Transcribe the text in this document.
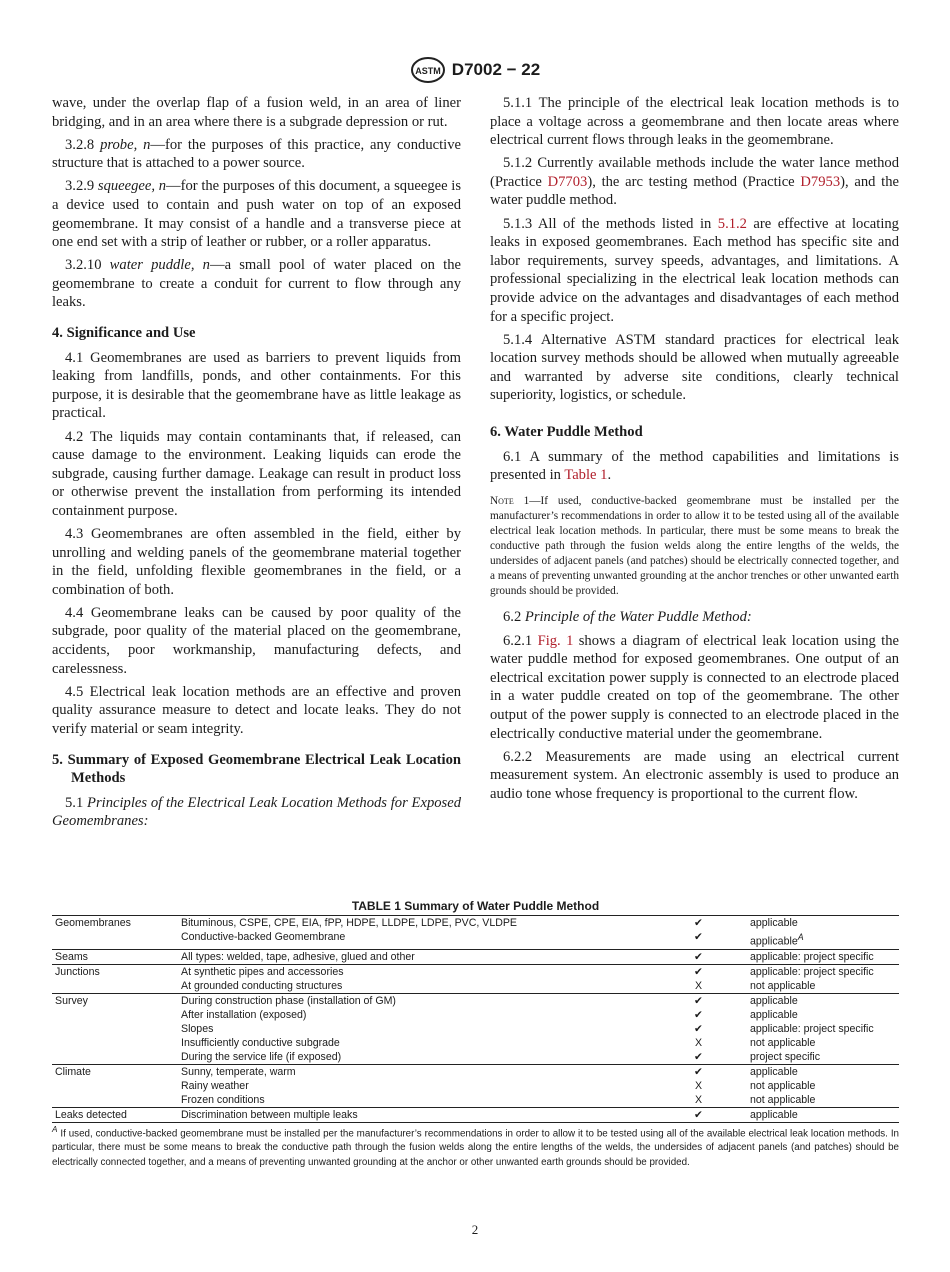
ASTM D7002 − 22

wave, under the overlap flap of a fusion weld, in an area of liner bridging, and in an area where there is a subgrade depression or rut.

3.2.8 probe, n—for the purposes of this practice, any conductive structure that is attached to a power source.

3.2.9 squeegee, n—for the purposes of this document, a squeegee is a device used to contain and push water on top of an exposed geomembrane. It may consist of a handle and a transverse piece at one end set with a strip of leather or rubber, or a roller apparatus.

3.2.10 water puddle, n—a small pool of water placed on the geomembrane to create a conduit for current to flow through any leaks.

4. Significance and Use

4.1 Geomembranes are used as barriers to prevent liquids from leaking from landfills, ponds, and other containments. For this purpose, it is desirable that the geomembrane have as little leakage as practical.

4.2 The liquids may contain contaminants that, if released, can cause damage to the environment. Leaking liquids can erode the subgrade, causing further damage. Leakage can result in product loss or otherwise prevent the installation from performing its intended containment purpose.

4.3 Geomembranes are often assembled in the field, either by unrolling and welding panels of the geomembrane material together in the field, unfolding flexible geomembranes in the field, or a combination of both.

4.4 Geomembrane leaks can be caused by poor quality of the subgrade, poor quality of the material placed on the geomembrane, accidents, poor workmanship, manufacturing defects, and carelessness.

4.5 Electrical leak location methods are an effective and proven quality assurance measure to detect and locate leaks. They do not verify material or seam integrity.

5. Summary of Exposed Geomembrane Electrical Leak Location Methods

5.1 Principles of the Electrical Leak Location Methods for Exposed Geomembranes:

5.1.1 The principle of the electrical leak location methods is to place a voltage across a geomembrane and then locate areas where electrical current flows through leaks in the geomembrane.

5.1.2 Currently available methods include the water lance method (Practice D7703), the arc testing method (Practice D7953), and the water puddle method.

5.1.3 All of the methods listed in 5.1.2 are effective at locating leaks in exposed geomembranes. Each method has specific site and labor requirements, survey speeds, advantages, and limitations. A professional specializing in the electrical leak location methods can provide advice on the advantages and disadvantages of each method for a specific project.

5.1.4 Alternative ASTM standard practices for electrical leak location survey methods should be allowed when mutually agreeable and warranted by adverse site conditions, clearly technical superiority, logistics, or schedule.

6. Water Puddle Method

6.1 A summary of the method capabilities and limitations is presented in Table 1.

Note 1—If used, conductive-backed geomembrane must be installed per the manufacturer’s recommendations in order to allow it to be tested using all of the available electrical leak location methods. In particular, there must be some means to break the conductive path through the fusion welds along the entire lengths of the welds, the undersides of adjacent panels (and patches) should be electrically connected together, and a means of preventing unwanted grounding at the anchor trenches or other unwanted earth grounds should be provided.

6.2 Principle of the Water Puddle Method:

6.2.1 Fig. 1 shows a diagram of electrical leak location using the water puddle method for exposed geomembranes. One output of an electrical excitation power supply is connected to an electrode placed in a water puddle created on top of the geomembrane. The other output of the power supply is connected to an electrode placed in the electrically conductive material under the geomembrane.

6.2.2 Measurements are made using an electrical current measurement system. An electronic assembly is used to produce an audio tone whose frequency is proportional to the current flow.

TABLE 1 Summary of Water Puddle Method
Geomembranes	Bituminous, CSPE, CPE, EIA, fPP, HDPE, LLDPE, LDPE, PVC, VLDPE	✔	applicable
	Conductive-backed Geomembrane	✔	applicable$^A$
Seams	All types: welded, tape, adhesive, glued and other	✔	applicable: project specific
Junctions	At synthetic pipes and accessories	✔	applicable: project specific
	At grounded conducting structures	X	not applicable
Survey	During construction phase (installation of GM)	✔	applicable
	After installation (exposed)	✔	applicable
	Slopes	✔	applicable: project specific
	Insufficiently conductive subgrade	X	not applicable
	During the service life (if exposed)	✔	project specific
Climate	Sunny, temperate, warm	✔	applicable
	Rainy weather	X	not applicable
	Frozen conditions	X	not applicable
Leaks detected	Discrimination between multiple leaks	✔	applicable
$^A$ If used, conductive-backed geomembrane must be installed per the manufacturer’s recommendations in order to allow it to be tested using all of the available electrical leak location methods. In particular, there must be some means to break the conductive path through the fusion welds along the entire lengths of the welds, the undersides of adjacent panels (and patches) should be electrically connected together, and a means of preventing unwanted grounding at the anchor or other unwanted earth grounds should be provided.
2
